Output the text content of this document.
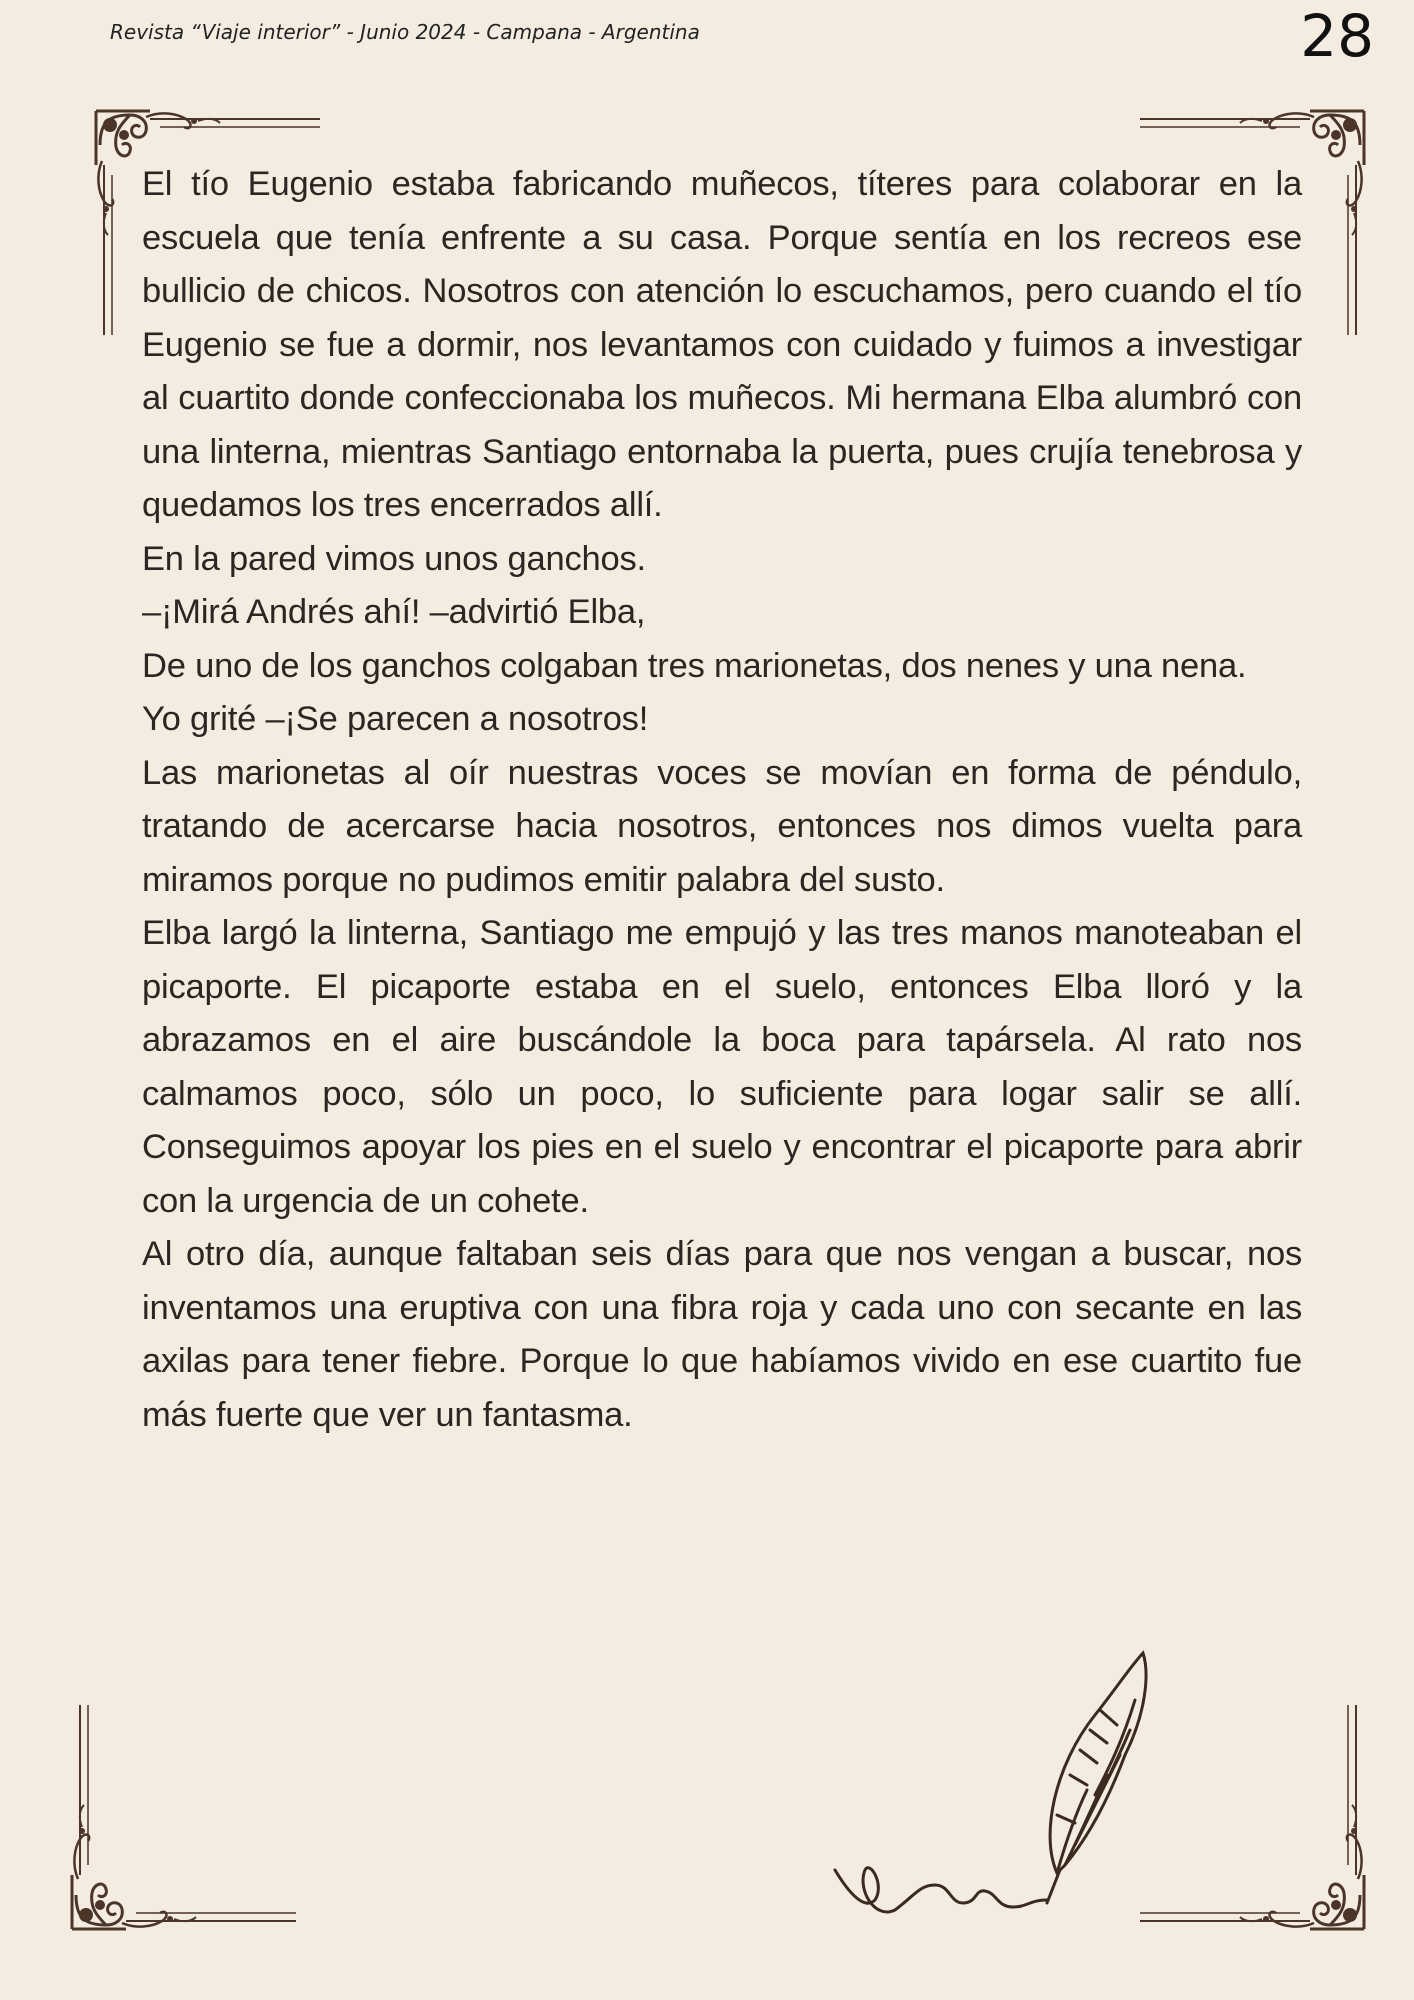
Revista “Viaje interior” - Junio 2024 - Campana - Argentina	28

El tío Eugenio estaba fabricando muñecos, títeres para colaborar en la escuela que tenía enfrente a su casa. Porque sentía en los recreos ese bullicio de chicos. Nosotros con atención lo escuchamos, pero cuando el tío Eugenio se fue a dormir, nos levantamos con cuidado y fuimos a investigar al cuartito donde confeccionaba los muñecos. Mi hermana Elba alumbró con una linterna, mientras Santiago entornaba la puerta, pues crujía tenebrosa y quedamos los tres encerrados allí.

En la pared vimos unos ganchos.

–¡Mirá Andrés ahí! –advirtió Elba,

De uno de los ganchos colgaban tres marionetas, dos nenes y una nena.

Yo grité –¡Se parecen a nosotros!

Las marionetas al oír nuestras voces se movían en forma de péndulo, tratando de acercarse hacia nosotros, entonces nos dimos vuelta para miramos porque no pudimos emitir palabra del susto.

Elba largó la linterna, Santiago me empujó y las tres manos manoteaban el picaporte. El picaporte estaba en el suelo, entonces Elba lloró y la abrazamos en el aire buscándole la boca para tapársela. Al rato nos calmamos poco, sólo un poco, lo suficiente para logar salir se allí. Conseguimos apoyar los pies en el suelo y encontrar el picaporte para abrir con la urgencia de un cohete.

Al otro día, aunque faltaban seis días para que nos vengan a buscar, nos inventamos una eruptiva con una fibra roja y cada uno con secante en las axilas para tener fiebre. Porque lo que habíamos vivido en ese cuartito fue más fuerte que ver un fantasma.
